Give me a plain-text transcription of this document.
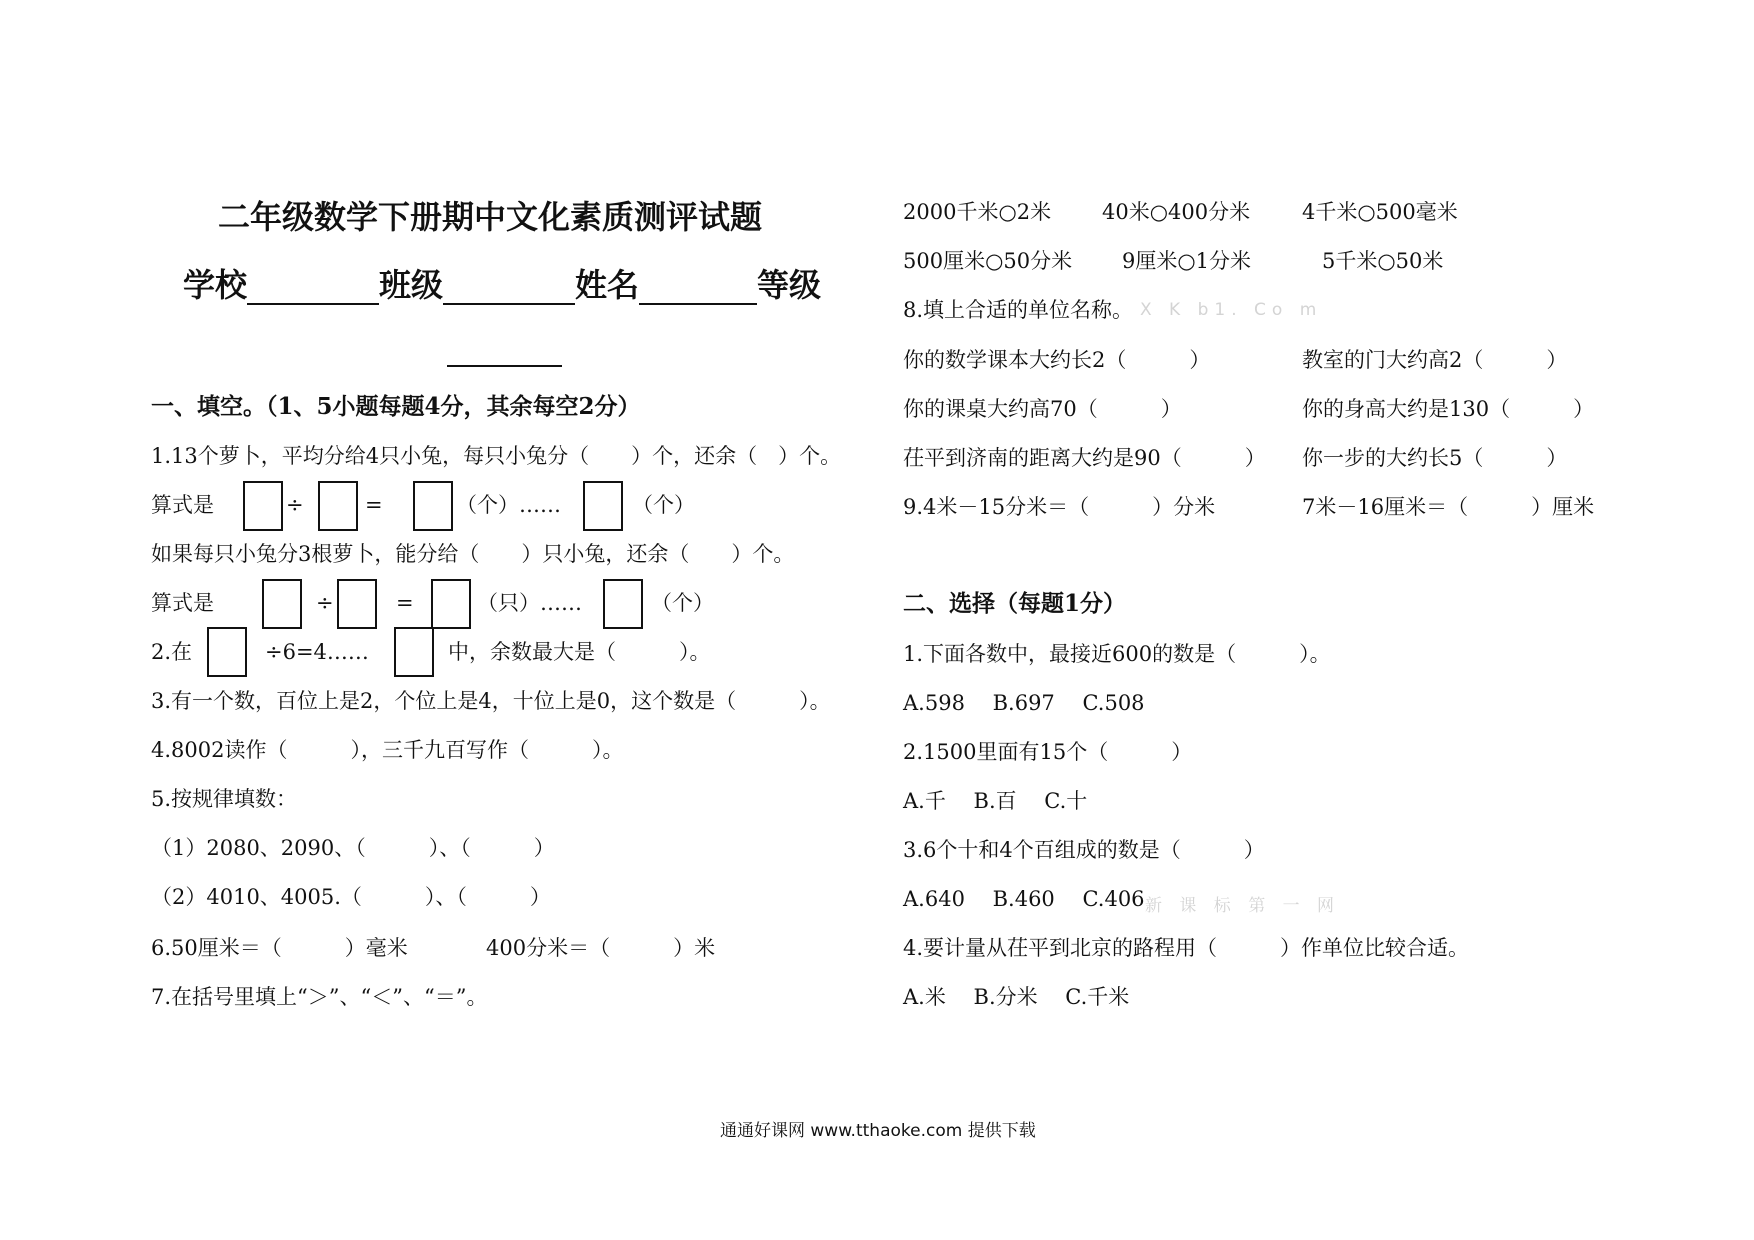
二年级数学下册期中文化素质测评试题
学校	班级	姓名	等级
一、填空。（1、5小题每题4分，其余每空2分）
1.13个萝卜，平均分给4只小兔，每只小兔分（　　）个，还余（　）个。
算式是	÷	=	（个）……	（个）
如果每只小兔分3根萝卜，能分给（　　）只小兔，还余（　　）个。
算式是	÷	=	（只）……	（个）
2.在	÷6=4……	中，余数最大是（　　　）。
3.有一个数，百位上是2，个位上是4，十位上是0，这个数是（　　　）。
4.8002读作（　　　），三千九百写作（　　　）。
5.按规律填数：
（1）2080、2090、（　　　）、（　　　）
（2）4010、4005.（　　　）、（　　　）
6.50厘米＝（　　　）毫米	400分米＝（　　　）米
7.在括号里填上“＞”、“＜”、“＝”。
2000千米○2米 40米○400分米 4千米○500毫米
500厘米○50分米 9厘米○1分米	5千米○50米
8.填上合适的单位名称。 X K b1. Co m
你的数学课本大约长2（　　　）	教室的门大约高2（　　　）
你的课桌大约高70（　　　）	你的身高大约是130（　　　）
茌平到济南的距离大约是90（　　　） 你一步的大约长5（　　　）
9.4米－15分米＝（　　　）分米	7米－16厘米＝（　　　）厘米
二、选择（每题1分）
1.下面各数中，最接近600的数是（　　　）。
A.598　 B.697　 C.508
2.1500里面有15个（　　　）
A.千　 B.百　 C.十
3.6个十和4个百组成的数是（　　　）
A.640　 B.460　 C.406 新 课 标 第 一 网
4.要计量从茌平到北京的路程用（　　　）作单位比较合适。
A.米　 B.分米　 C.千米
通通好课网 www.tthaoke.com 提供下载
